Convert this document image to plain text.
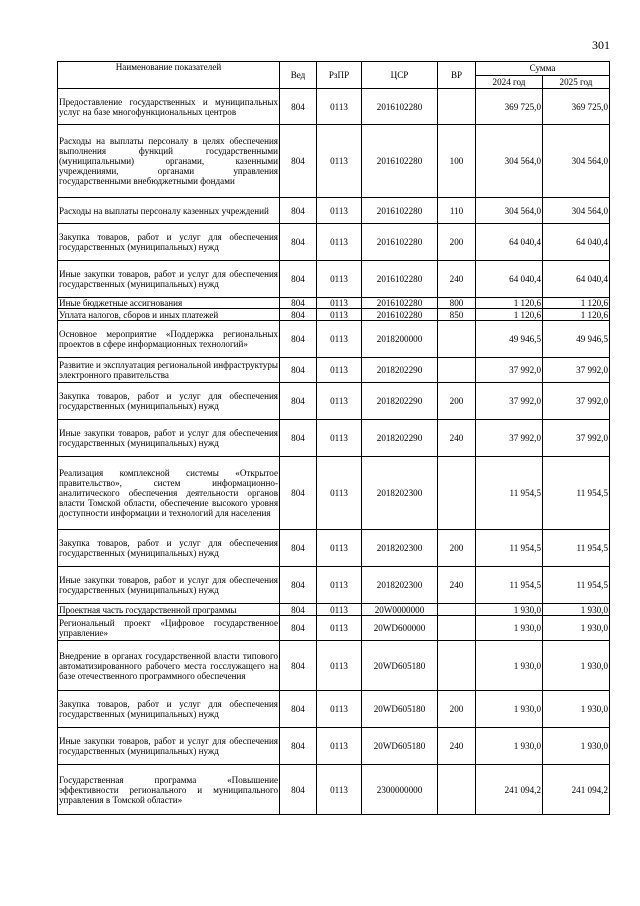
301
Наименование показателей	Вед	РзПР	ЦСР	ВР	Сумма	
					2024 год	2025 год
Предоставление государственных и муниципальных услуг на базе многофункциональных центров	804	0113	2016102280		369 725,0	369 725,0
Расходы на выплаты персоналу в целях обеспечения выполнения функций государственными (муниципальными) органами, казенными учреждениями, органами управления государственными внебюджетными фондами	804	0113	2016102280	100	304 564,0	304 564,0
Расходы на выплаты персоналу казенных учреждений	804	0113	2016102280	110	304 564,0	304 564,0
Закупка товаров, работ и услуг для обеспечения государственных (муниципальных) нужд	804	0113	2016102280	200	64 040,4	64 040,4
Иные закупки товаров, работ и услуг для обеспечения государственных (муниципальных) нужд	804	0113	2016102280	240	64 040,4	64 040,4
Иные бюджетные ассигнования	804	0113	2016102280	800	1 120,6	1 120,6
Уплата налогов, сборов и иных платежей	804	0113	2016102280	850	1 120,6	1 120,6
Основное мероприятие «Поддержка региональных проектов в сфере информационных технологий»	804	0113	2018200000		49 946,5	49 946,5
Развитие и эксплуатация региональной инфраструктуры электронного правительства	804	0113	2018202290		37 992,0	37 992,0
Закупка товаров, работ и услуг для обеспечения государственных (муниципальных) нужд	804	0113	2018202290	200	37 992,0	37 992,0
Иные закупки товаров, работ и услуг для обеспечения государственных (муниципальных) нужд	804	0113	2018202290	240	37 992,0	37 992,0
Реализация комплексной системы «Открытое правительство», систем информационно-аналитического обеспечения деятельности органов власти Томской области, обеспечение высокого уровня доступности информации и технологий для населения	804	0113	2018202300		11 954,5	11 954,5
Закупка товаров, работ и услуг для обеспечения государственных (муниципальных) нужд	804	0113	2018202300	200	11 954,5	11 954,5
Иные закупки товаров, работ и услуг для обеспечения государственных (муниципальных) нужд	804	0113	2018202300	240	11 954,5	11 954,5
Проектная часть государственной программы	804	0113	20W0000000		1 930,0	1 930,0
Региональный проект «Цифровое государственное управление»	804	0113	20WD600000		1 930,0	1 930,0
Внедрение в органах государственной власти типового автоматизированного рабочего места госслужащего на базе отечественного программного обеспечения	804	0113	20WD605180		1 930,0	1 930,0
Закупка товаров, работ и услуг для обеспечения государственных (муниципальных) нужд	804	0113	20WD605180	200	1 930,0	1 930,0
Иные закупки товаров, работ и услуг для обеспечения государственных (муниципальных) нужд	804	0113	20WD605180	240	1 930,0	1 930,0
Государственная программа «Повышение эффективности регионального и муниципального управления в Томской области»	804	0113	2300000000		241 094,2	241 094,2
